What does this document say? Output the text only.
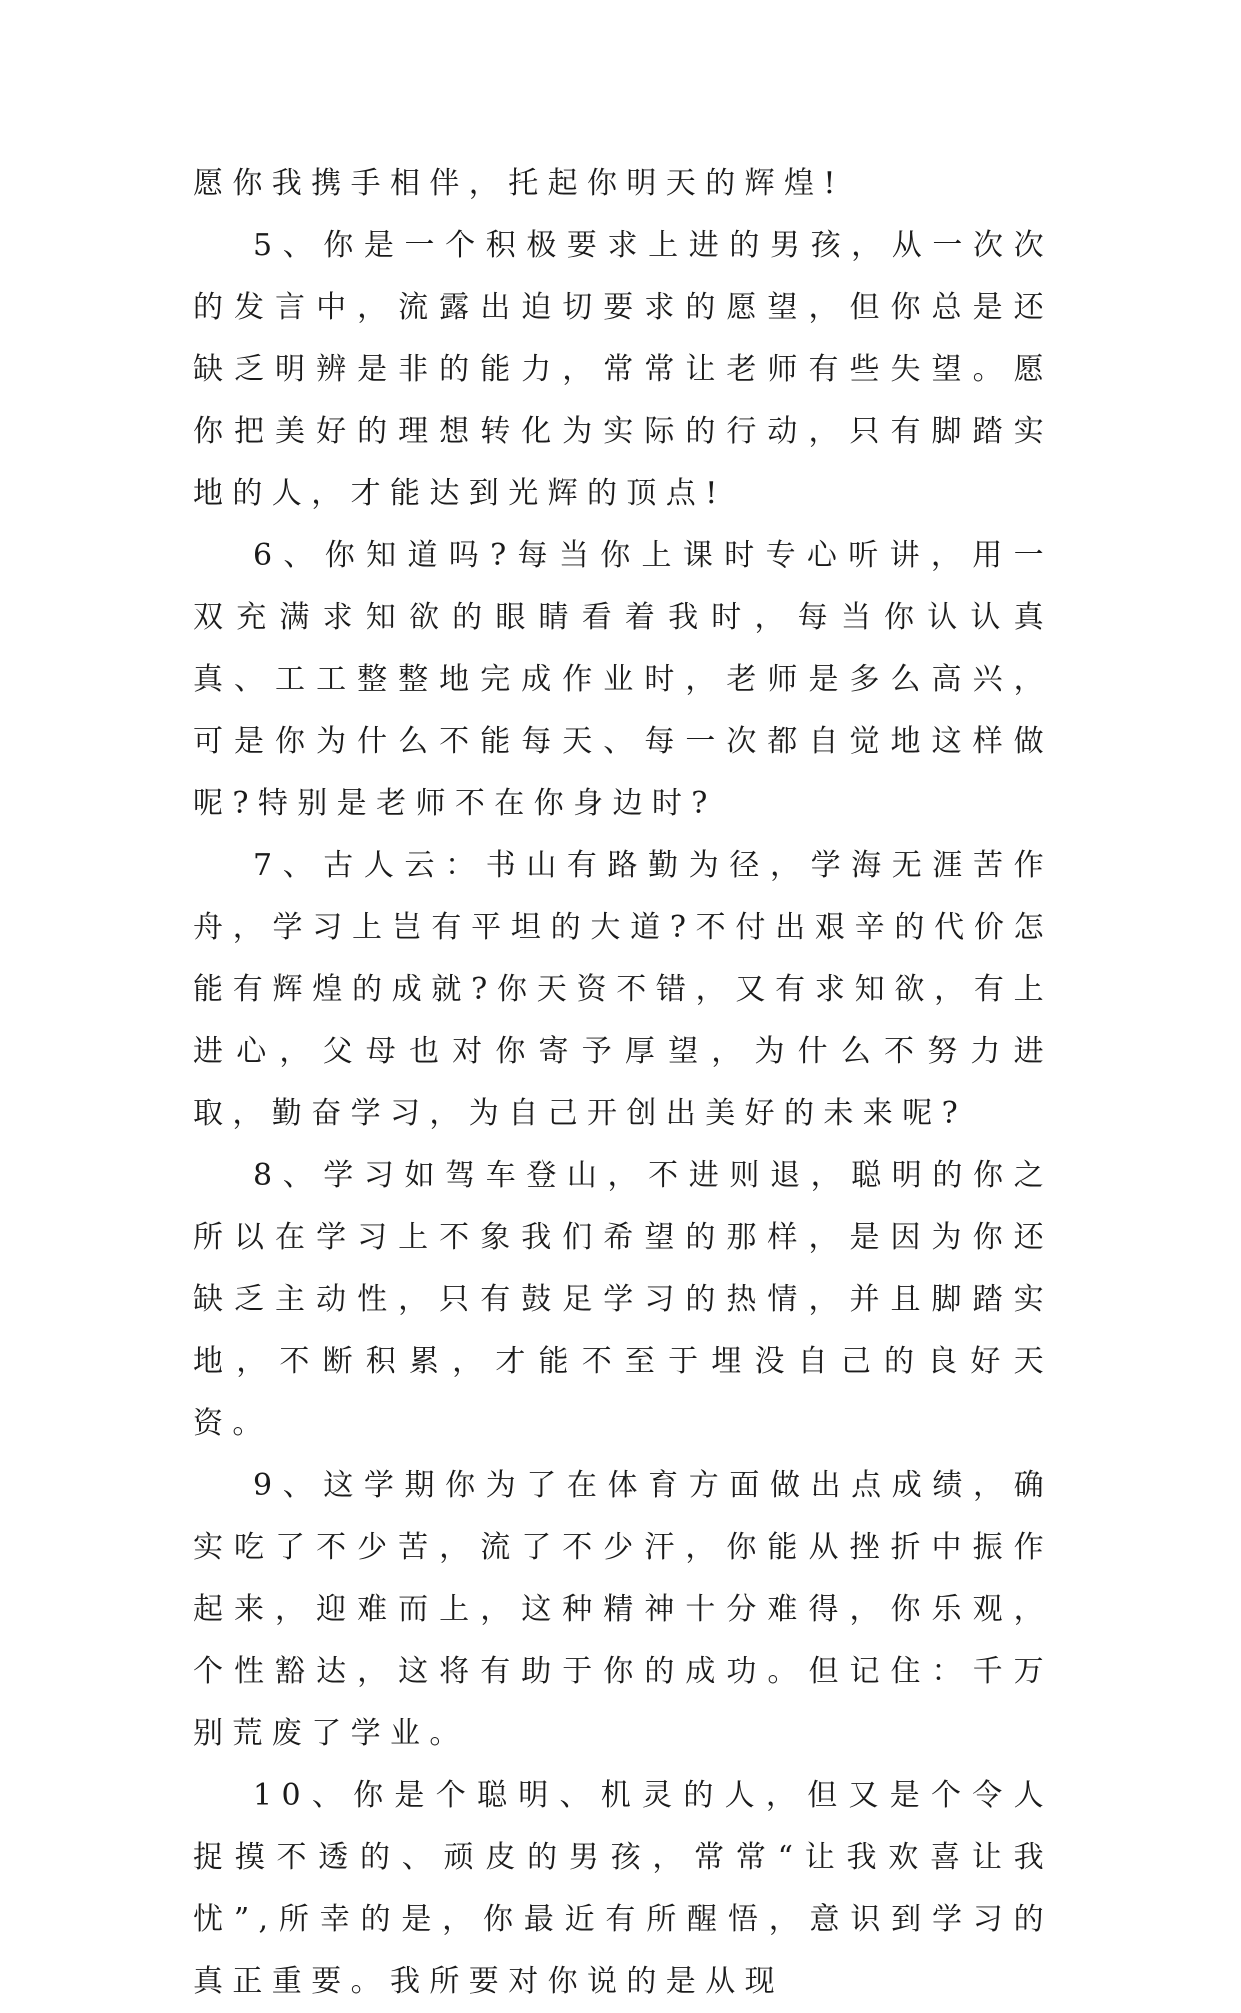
愿你我携手相伴，托起你明天的辉煌!

5、你是一个积极要求上进的男孩，从一次次的发言中，流露出迫切要求的愿望，但你总是还缺乏明辨是非的能力，常常让老师有些失望。愿你把美好的理想转化为实际的行动，只有脚踏实地的人，才能达到光辉的顶点!

6、你知道吗?每当你上课时专心听讲，用一双充满求知欲的眼睛看着我时，每当你认认真真、工工整整地完成作业时，老师是多么高兴，可是你为什么不能每天、每一次都自觉地这样做呢?特别是老师不在你身边时?

7、古人云：书山有路勤为径，学海无涯苦作舟，学习上岂有平坦的大道?不付出艰辛的代价怎能有辉煌的成就?你天资不错，又有求知欲，有上进心，父母也对你寄予厚望，为什么不努力进取，勤奋学习，为自己开创出美好的未来呢?

8、学习如驾车登山，不进则退，聪明的你之所以在学习上不象我们希望的那样，是因为你还缺乏主动性，只有鼓足学习的热情，并且脚踏实地，不断积累，才能不至于埋没自己的良好天资。

9、这学期你为了在体育方面做出点成绩，确实吃了不少苦，流了不少汗，你能从挫折中振作起来，迎难而上，这种精神十分难得，你乐观，个性豁达，这将有助于你的成功。但记住：千万别荒废了学业。

10、你是个聪明、机灵的人，但又是个令人捉摸不透的、顽皮的男孩，常常“让我欢喜让我忧”,所幸的是，你最近有所醒悟，意识到学习的真正重要。我所要对你说的是从现
